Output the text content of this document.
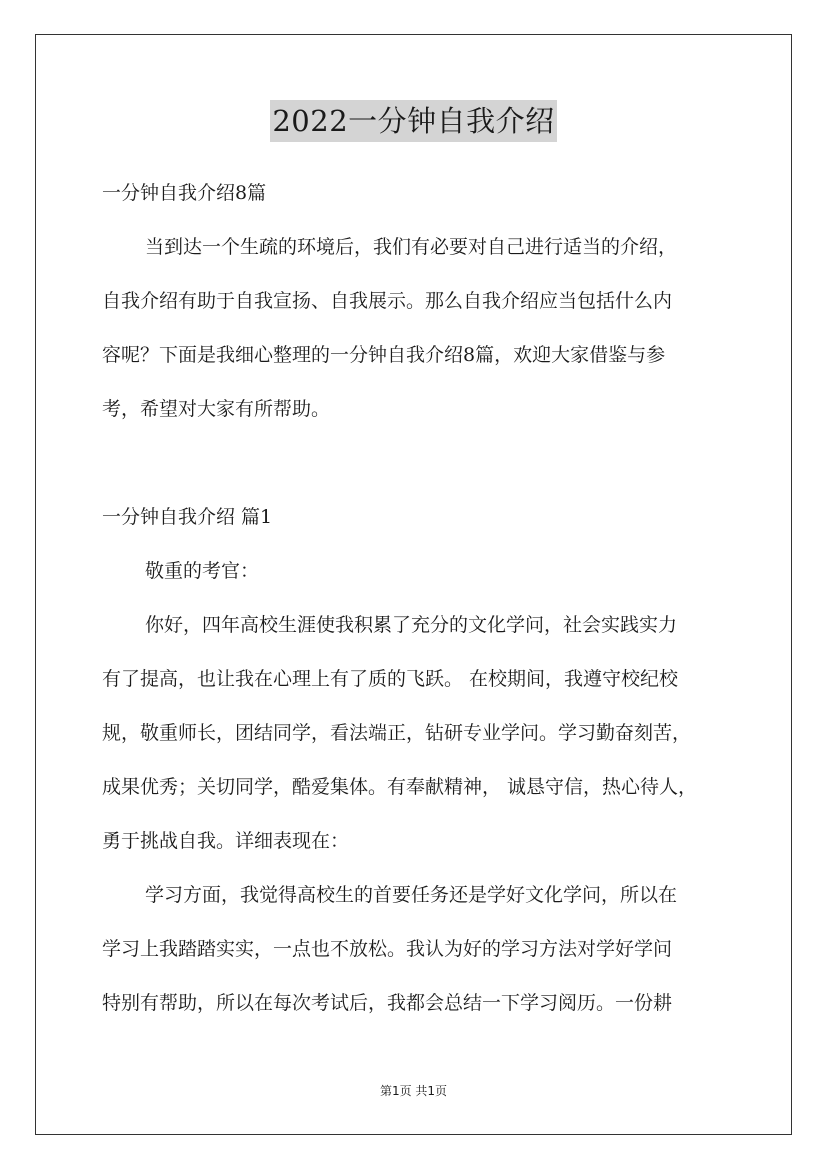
2022一分钟自我介绍
一分钟自我介绍8篇
当到达一个生疏的环境后，我们有必要对自己进行适当的介绍，
自我介绍有助于自我宣扬、自我展示。那么自我介绍应当包括什么内
容呢？下面是我细心整理的一分钟自我介绍8篇，欢迎大家借鉴与参
考，希望对大家有所帮助。
一分钟自我介绍 篇1
敬重的考官：
你好，四年高校生涯使我积累了充分的文化学问，社会实践实力
有了提高，也让我在心理上有了质的飞跃。 在校期间，我遵守校纪校
规，敬重师长，团结同学，看法端正，钻研专业学问。学习勤奋刻苦，
成果优秀；关切同学，酷爱集体。有奉献精神， 诚恳守信，热心待人，
勇于挑战自我。详细表现在：
学习方面，我觉得高校生的首要任务还是学好文化学问，所以在
学习上我踏踏实实，一点也不放松。我认为好的学习方法对学好学问
特别有帮助，所以在每次考试后，我都会总结一下学习阅历。一份耕
第1页 共1页
